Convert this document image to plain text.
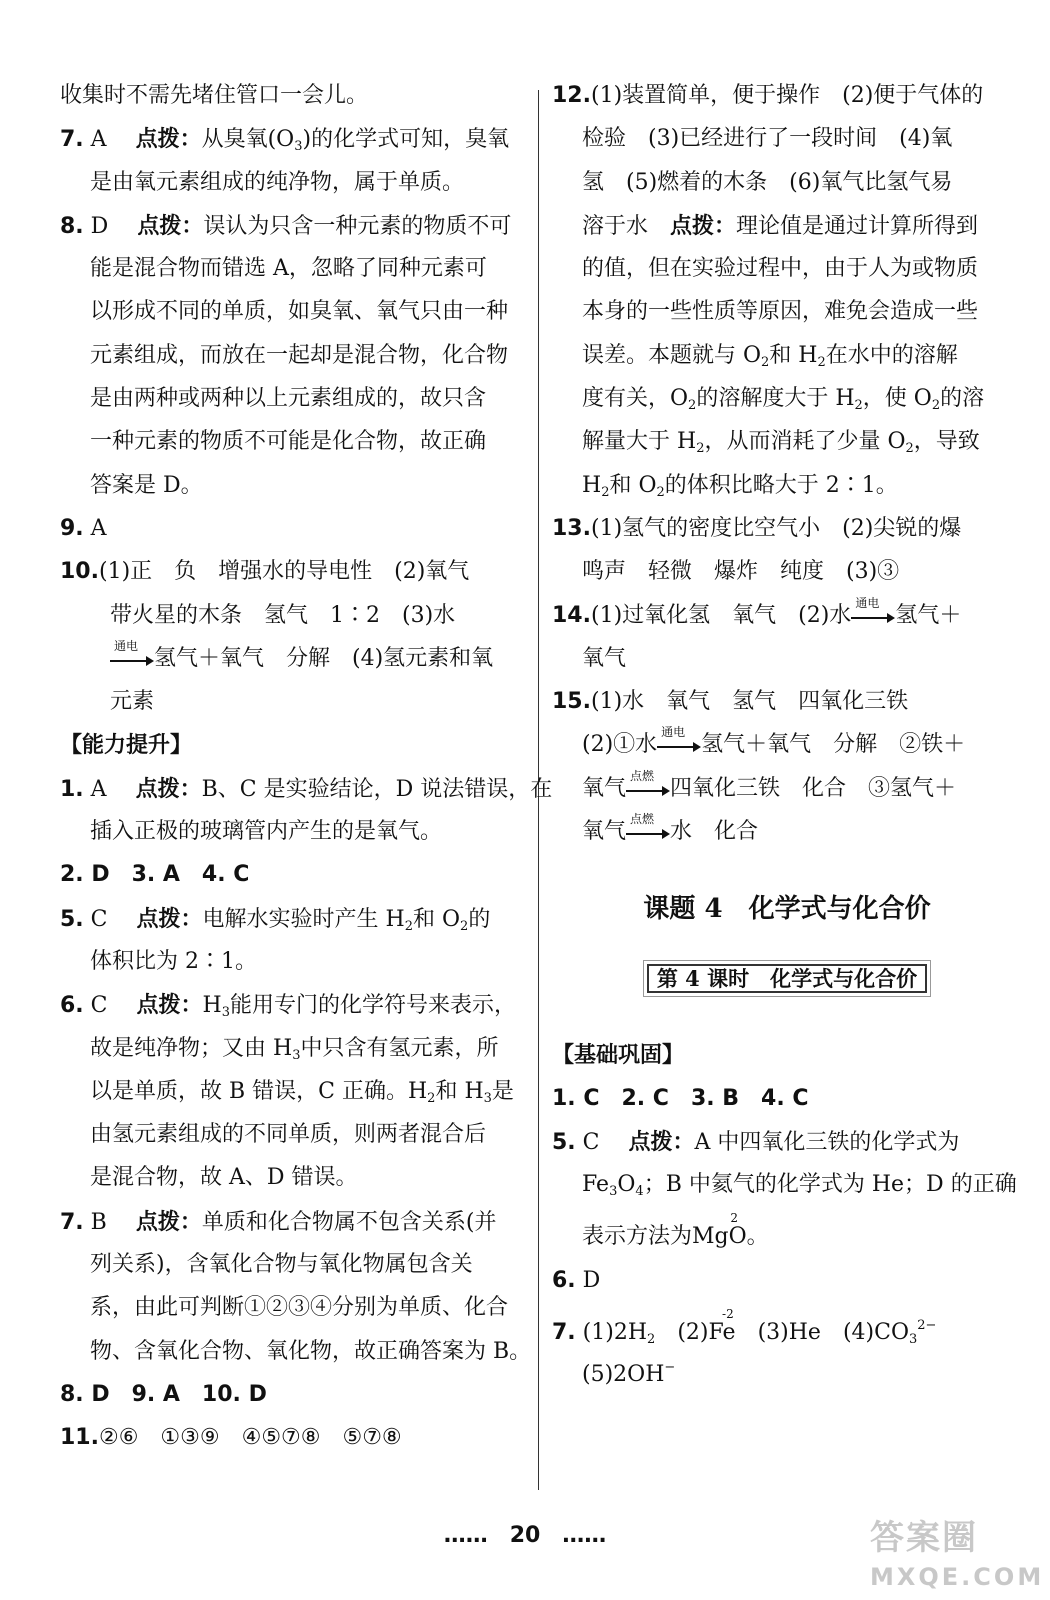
收集时不需先堵住管口一会儿。
7. A　 点拨：从臭氧(O3)的化学式可知，臭氧
是由氧元素组成的纯净物，属于单质。
8. D　 点拨：误认为只含一种元素的物质不可
能是混合物而错选 A，忽略了同种元素可
以形成不同的单质，如臭氧、氧气只由一种
元素组成，而放在一起却是混合物，化合物
是由两种或两种以上元素组成的，故只含
一种元素的物质不可能是化合物，故正确
答案是 D。
9. A
10.(1)正　负　增强水的导电性　(2)氧气
带火星的木条　氢气　1∶2　(3)水
通电 氢气＋氧气　分解　(4)氢元素和氧
元素
【能力提升】
1. A　 点拨：B、C 是实验结论，D 说法错误，在
插入正极的玻璃管内产生的是氧气。
2. D　3. A　4. C
5. C　 点拨：电解水实验时产生 H2和 O2的
体积比为 2∶1。
6. C　 点拨：H3能用专门的化学符号来表示，
故是纯净物；又由 H3中只含有氢元素，所
以是单质，故 B 错误，C 正确。H2和 H3是
由氢元素组成的不同单质，则两者混合后
是混合物，故 A、D 错误。
7. B　 点拨：单质和化合物属不包含关系(并
列关系)，含氧化合物与氧化物属包含关
系，由此可判断①②③④分别为单质、化合
物、含氧化合物、氧化物，故正确答案为 B。
8. D　9. A　10. D
11.②⑥　①③⑨　④⑤⑦⑧　⑤⑦⑧
12.(1)装置简单，便于操作　(2)便于气体的
检验　(3)已经进行了一段时间　(4)氧
氢　(5)燃着的木条　(6)氧气比氢气易
溶于水　点拨：理论值是通过计算所得到
的值，但在实验过程中，由于人为或物质
本身的一些性质等原因，难免会造成一些
误差。本题就与 O2和 H2在水中的溶解
度有关，O2的溶解度大于 H2，使 O2的溶
解量大于 H2，从而消耗了少量 O2，导致
H2和 O2的体积比略大于 2∶1。
13.(1)氢气的密度比空气小　(2)尖锐的爆
鸣声　轻微　爆炸　纯度　(3)③
14.(1)过氧化氢　氧气　(2)水 通电 氢气＋
氧气
15.(1)水　氧气　氢气　四氧化三铁
(2)①水 通电 氢气＋氧气　分解　②铁＋
氧气 点燃 四氧化三铁　化合　③氢气＋
氧气 点燃 水　化合
课题 4　化学式与化合价
第 4 课时　化学式与化合价
【基础巩固】
1. C　2. C　3. B　4. C
5. C　 点拨：A 中四氧化三铁的化学式为
Fe3O4；B 中氦气的化学式为 He；D 的正确
表示方法为
2
MgO。
6. D
7. (1)2H2　(2)
-2
Fe　(3)He　(4)CO32−
(5)2OH−
……　20　……	答案圈
MXQE.COM
